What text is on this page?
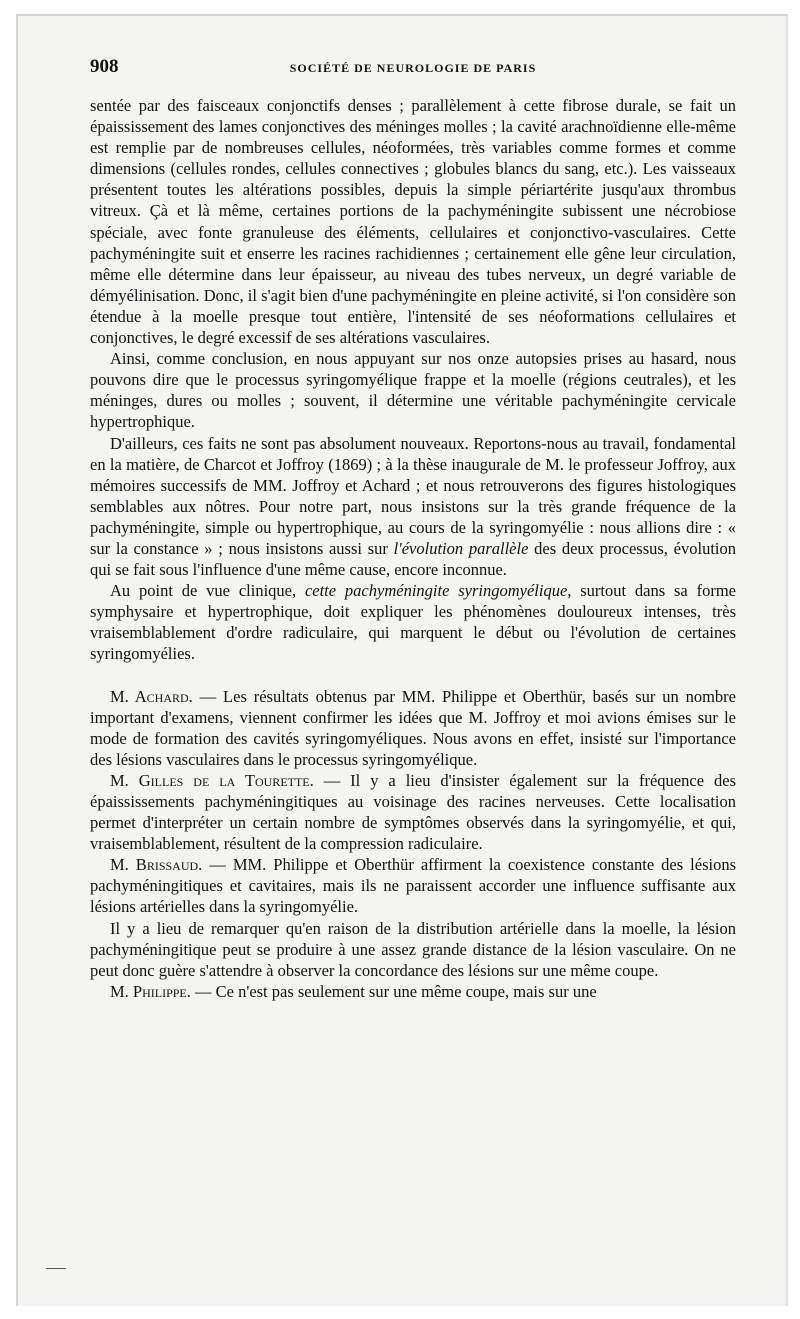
908	SOCIÉTÉ DE NEUROLOGIE DE PARIS

sentée par des faisceaux conjonctifs denses ; parallèlement à cette fibrose durale, se fait un épaississement des lames conjonctives des méninges molles ; la cavité arachnoïdienne elle-même est remplie par de nombreuses cellules, néoformées, très variables comme formes et comme dimensions (cellules rondes, cellules connectives ; globules blancs du sang, etc.). Les vaisseaux présentent toutes les altérations possibles, depuis la simple périartérite jusqu'aux thrombus vitreux. Çà et là même, certaines portions de la pachyméningite subissent une nécrobiose spéciale, avec fonte granuleuse des éléments, cellulaires et conjonctivo-vasculaires. Cette pachyméningite suit et enserre les racines rachidiennes ; certainement elle gêne leur circulation, même elle détermine dans leur épaisseur, au niveau des tubes nerveux, un degré variable de démyélinisation. Donc, il s'agit bien d'une pachyméningite en pleine activité, si l'on considère son étendue à la moelle presque tout entière, l'intensité de ses néoformations cellulaires et conjonctives, le degré excessif de ses altérations vasculaires.

Ainsi, comme conclusion, en nous appuyant sur nos onze autopsies prises au hasard, nous pouvons dire que le processus syringomyélique frappe et la moelle (régions ceutrales), et les méninges, dures ou molles ; souvent, il détermine une véritable pachyméningite cervicale hypertrophique.

D'ailleurs, ces faits ne sont pas absolument nouveaux. Reportons-nous au travail, fondamental en la matière, de Charcot et Joffroy (1869) ; à la thèse inaugurale de M. le professeur Joffroy, aux mémoires successifs de MM. Joffroy et Achard ; et nous retrouverons des figures histologiques semblables aux nôtres. Pour notre part, nous insistons sur la très grande fréquence de la pachyméningite, simple ou hypertrophique, au cours de la syringomyélie : nous allions dire : « sur la constance » ; nous insistons aussi sur l'évolution parallèle des deux processus, évolution qui se fait sous l'influence d'une même cause, encore inconnue.

Au point de vue clinique, cette pachyméningite syringomyélique, surtout dans sa forme symphysaire et hypertrophique, doit expliquer les phénomènes douloureux intenses, très vraisemblablement d'ordre radiculaire, qui marquent le début ou l'évolution de certaines syringomyélies.

M. Achard. — Les résultats obtenus par MM. Philippe et Oberthür, basés sur un nombre important d'examens, viennent confirmer les idées que M. Joffroy et moi avions émises sur le mode de formation des cavités syringomyéliques. Nous avons en effet, insisté sur l'importance des lésions vasculaires dans le processus syringomyélique.

M. Gilles de la Tourette. — Il y a lieu d'insister également sur la fréquence des épaississements pachyméningitiques au voisinage des racines nerveuses. Cette localisation permet d'interpréter un certain nombre de symptômes observés dans la syringomyélie, et qui, vraisemblablement, résultent de la compression radiculaire.

M. Brissaud. — MM. Philippe et Oberthür affirment la coexistence constante des lésions pachyméningitiques et cavitaires, mais ils ne paraissent accorder une influence suffisante aux lésions artérielles dans la syringomyélie.

Il y a lieu de remarquer qu'en raison de la distribution artérielle dans la moelle, la lésion pachyméningitique peut se produire à une assez grande distance de la lésion vasculaire. On ne peut donc guère s'attendre à observer la concordance des lésions sur une même coupe.

M. Philippe. — Ce n'est pas seulement sur une même coupe, mais sur une
